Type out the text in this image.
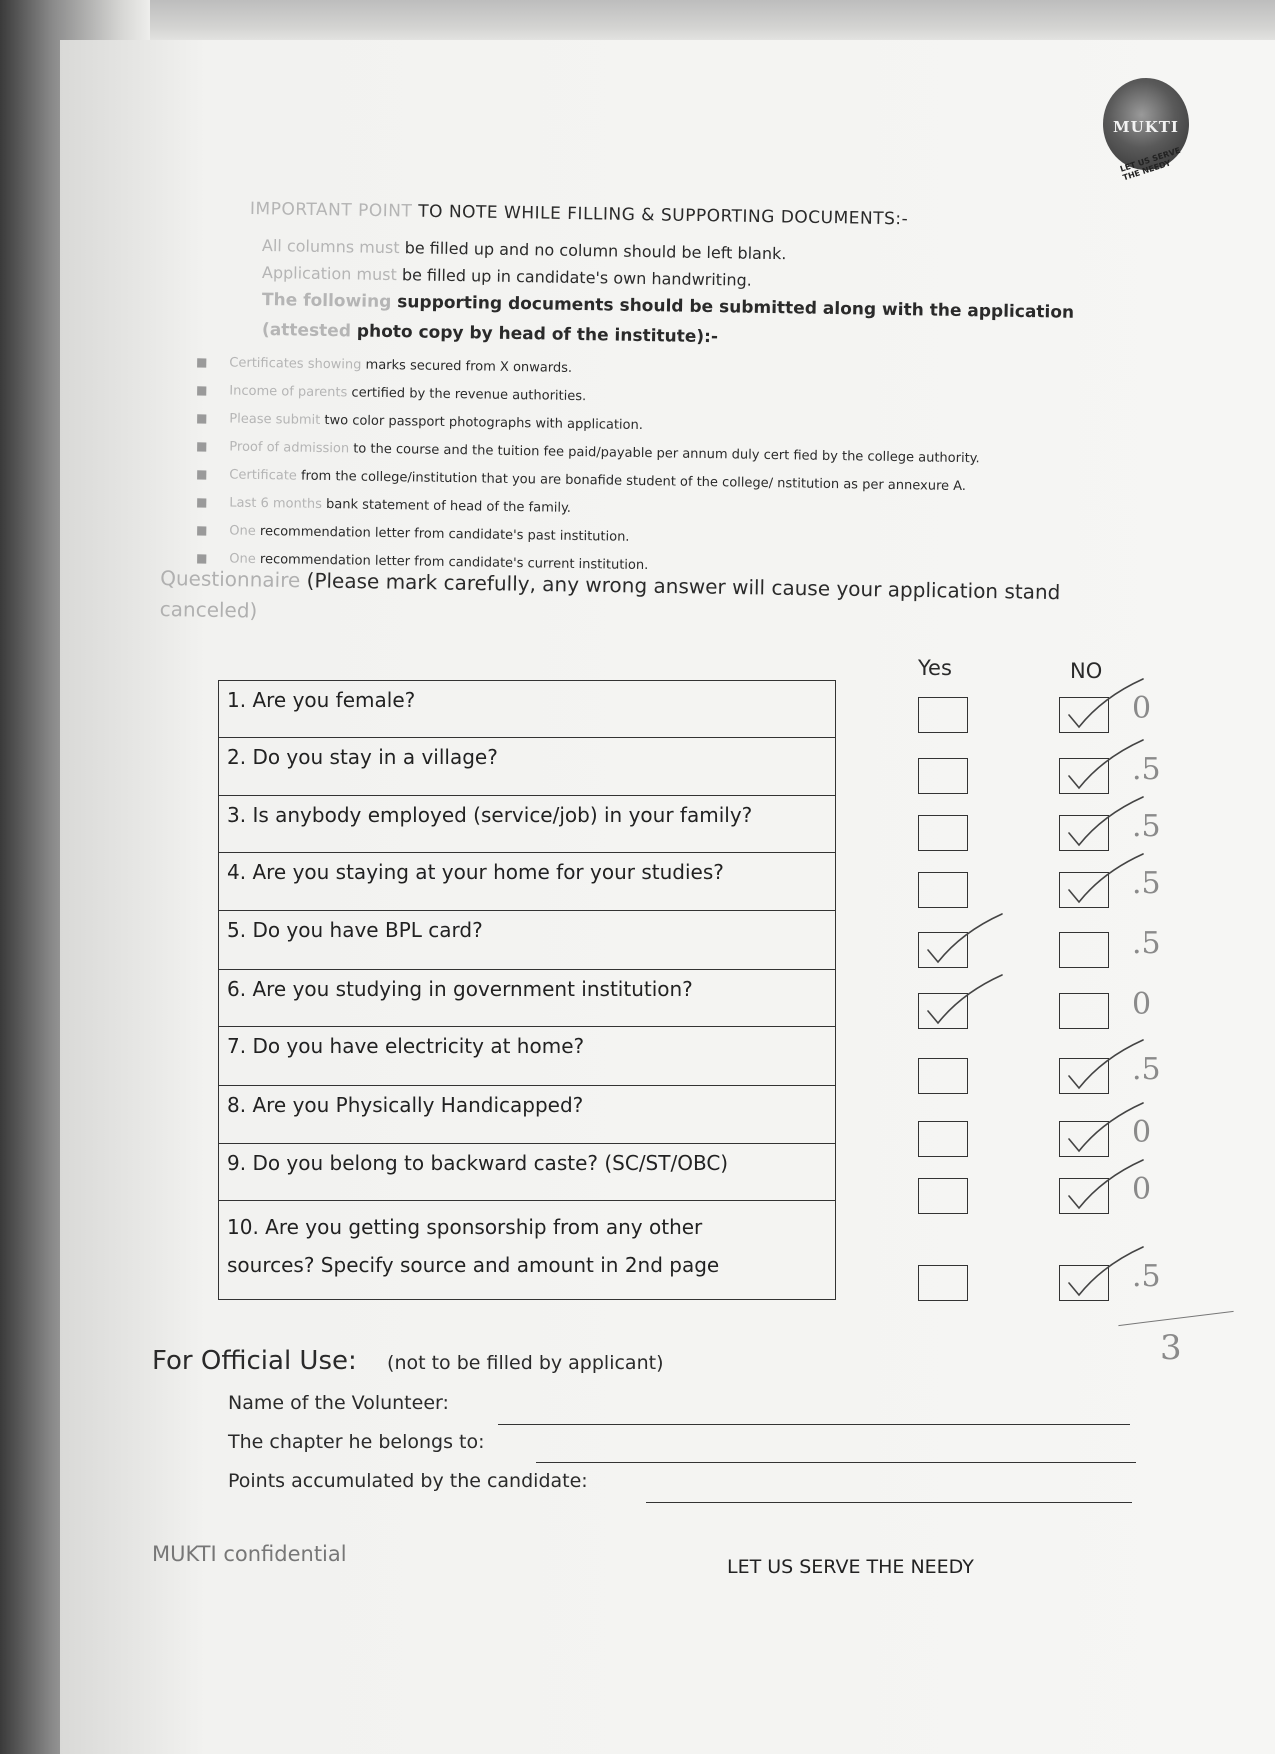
MUKTI
LET US SERVE THE NEEDY
IMPORTANT POINT TO NOTE WHILE FILLING & SUPPORTING DOCUMENTS:-
All columns must be filled up and no column should be left blank.
Application must be filled up in candidate's own handwriting.
The following supporting documents should be submitted along with the application
(attested photo copy by head of the institute):-
■ Certificates showing marks secured from X onwards.
■ Income of parents certified by the revenue authorities.
■ Please submit two color passport photographs with application.
■ Proof of admission to the course and the tuition fee paid/payable per annum duly cert fied by the college authority.
■ Certificate from the college/institution that you are bonafide student of the college/ nstitution as per annexure A.
■ Last 6 months bank statement of head of the family.
■ One recommendation letter from candidate's past institution.
■ One recommendation letter from candidate's current institution.
Questionnaire (Please mark carefully, any wrong answer will cause your application stand
canceled)
Yes	NO
1. Are you female?
2. Do you stay in a village?
3. Is anybody employed (service/job) in your family?
4. Are you staying at your home for your studies?
5. Do you have BPL card?
6. Are you studying in government institution?
7. Do you have electricity at home?
8. Are you Physically Handicapped?
9. Do you belong to backward caste? (SC/ST/OBC)
10. Are you getting sponsorship from any other
sources? Specify source and amount in 2nd page
0
.5
.5
.5
.5
0
.5
0
0
.5
3
For Official Use: (not to be filled by applicant)
Name of the Volunteer:
The chapter he belongs to:
Points accumulated by the candidate:
MUKTI confidential
LET US SERVE THE NEEDY
